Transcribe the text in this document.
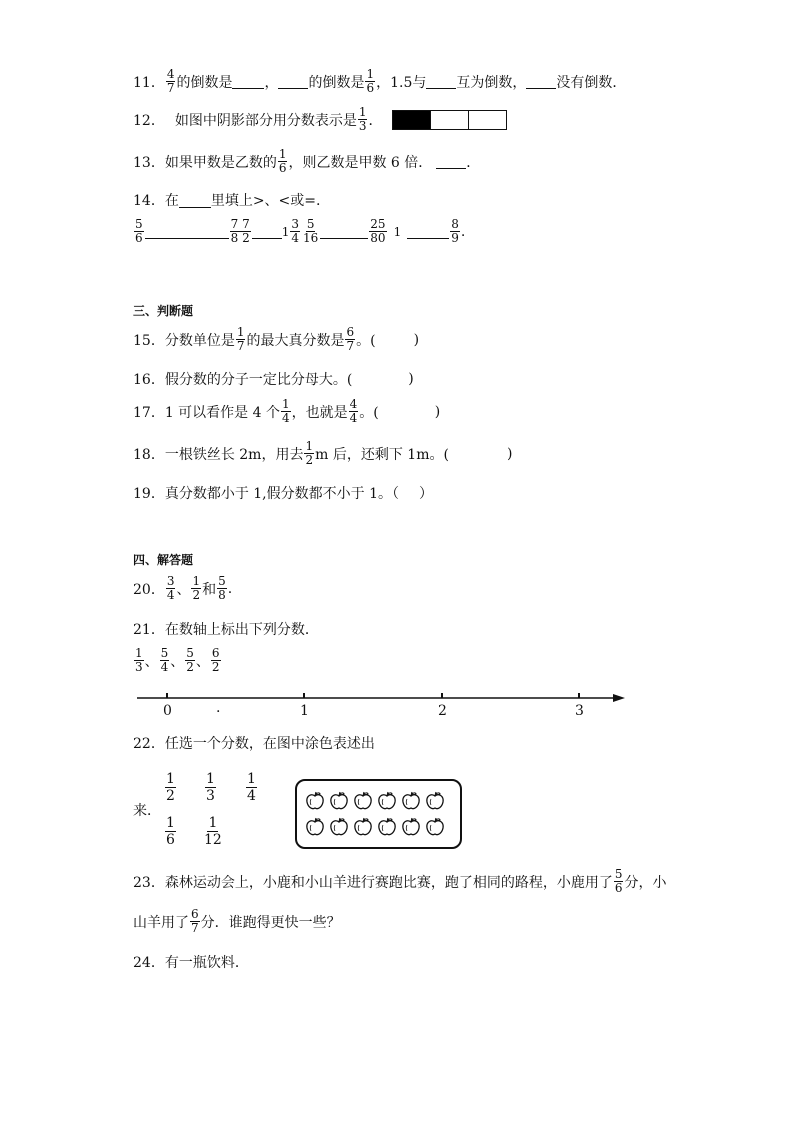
11． $\frac{4}{7}$ 的倒数是 ， 的倒数是 $\frac{1}{6}$ ，1.5与 互为倒数， 没有倒数．
12． 如图中阴影部分用分数表示是 $\frac{1}{3}$ ．
13． 如果甲数是乙数的 $\frac{1}{6}$ ，则乙数是甲数 6 倍． ．
14． 在 里填上>、<或=.
$\frac{5}{6}$	$\frac{7 7}{8 2}$	$1 \frac{3}{4} \frac{5}{16}$	$\frac{25}{80} 1$	$\frac{8}{9}$ .
三、判断题
15． 分数单位是 $\frac{1}{7}$ 的最大真分数是 $\frac{6}{7}$ 。(	)
16． 假分数的分子一定比分母大。(	)
17． 1 可以看作是 4 个 $\frac{1}{4}$ ，也就是 $\frac{4}{4}$ 。(	)
18． 一根铁丝长 2m，用去 $\frac{1}{2}$ m 后，还剩下 1m。(	)
19． 真分数都小于 1,假分数都不小于 1。（ ）
四、解答题
20． $\frac{3}{4}$ 、 $\frac{1}{2}$ 和 $\frac{5}{8}$ .
21． 在数轴上标出下列分数．
$\frac{1}{3}$ 、 $\frac{5}{4}$ 、 $\frac{5}{2}$ 、 $\frac{6}{2}$
0	.	1	2	3
22． 任选一个分数，在图中涂色表述出
来．
$\frac{1}{2} \frac{1}{3} \frac{1}{4}$
$\frac{1}{6} \frac{1}{12}$
23． 森林运动会上，小鹿和小山羊进行赛跑比赛，跑了相同的路程，小鹿用了 $\frac{5}{6}$ 分，小
山羊用了 $\frac{6}{7}$ 分．谁跑得更快一些？
24． 有一瓶饮料．
